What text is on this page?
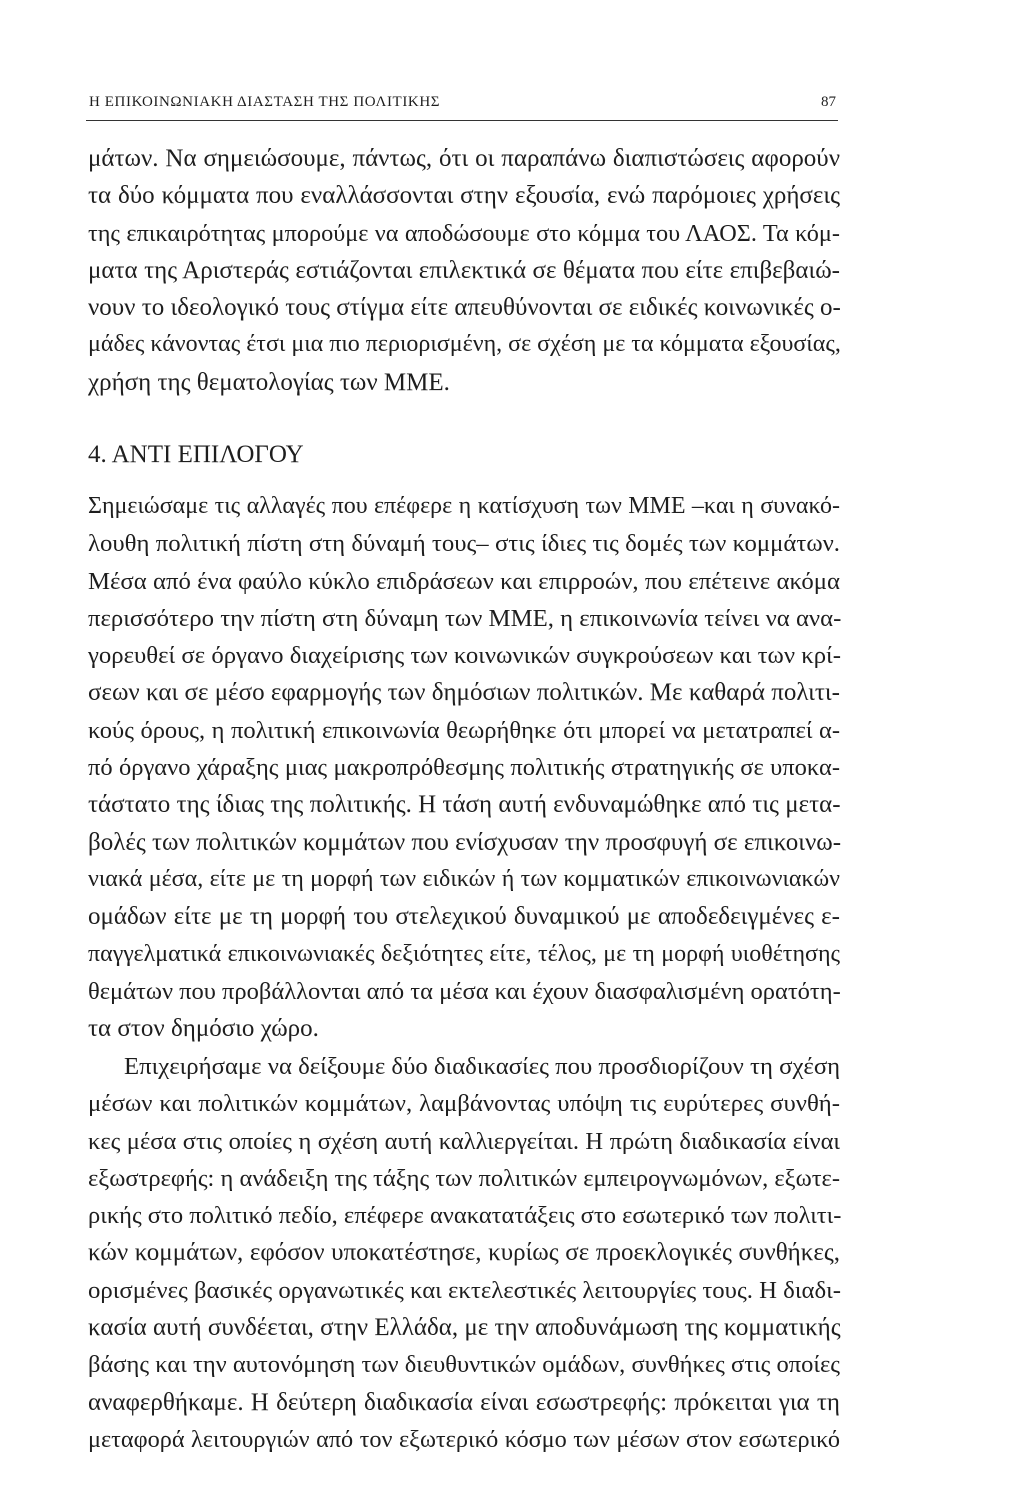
Η ΕΠΙΚΟΙΝΩΝΙΑΚΗ ΔΙΑΣΤΑΣΗ ΤΗΣ ΠΟΛΙΤΙΚΗΣ	87
μάτων. Να σημειώσουμε, πάντως, ότι οι παραπάνω διαπιστώσεις αφορούν
τα δύο κόμματα που εναλλάσσονται στην εξουσία, ενώ παρόμοιες χρήσεις
της επικαιρότητας μπορούμε να αποδώσουμε στο κόμμα του ΛΑΟΣ. Τα κόμ-
ματα της Αριστεράς εστιάζονται επιλεκτικά σε θέματα που είτε επιβεβαιώ-
νουν το ιδεολογικό τους στίγμα είτε απευθύνονται σε ειδικές κοινωνικές ο-
μάδες κάνοντας έτσι μια πιο περιορισμένη, σε σχέση με τα κόμματα εξουσίας,
χρήση της θεματολογίας των ΜΜΕ.
4. ΑΝΤΙ ΕΠΙΛΟΓΟΥ
Σημειώσαμε τις αλλαγές που επέφερε η κατίσχυση των ΜΜΕ –και η συνακό-
λουθη πολιτική πίστη στη δύναμή τους– στις ίδιες τις δομές των κομμάτων.
Μέσα από ένα φαύλο κύκλο επιδράσεων και επιρροών, που επέτεινε ακόμα
περισσότερο την πίστη στη δύναμη των ΜΜΕ, η επικοινωνία τείνει να ανα-
γορευθεί σε όργανο διαχείρισης των κοινωνικών συγκρούσεων και των κρί-
σεων και σε μέσο εφαρμογής των δημόσιων πολιτικών. Με καθαρά πολιτι-
κούς όρους, η πολιτική επικοινωνία θεωρήθηκε ότι μπορεί να μετατραπεί α-
πό όργανο χάραξης μιας μακροπρόθεσμης πολιτικής στρατηγικής σε υποκα-
τάστατο της ίδιας της πολιτικής. Η τάση αυτή ενδυναμώθηκε από τις μετα-
βολές των πολιτικών κομμάτων που ενίσχυσαν την προσφυγή σε επικοινω-
νιακά μέσα, είτε με τη μορφή των ειδικών ή των κομματικών επικοινωνιακών
ομάδων είτε με τη μορφή του στελεχικού δυναμικού με αποδεδειγμένες ε-
παγγελματικά επικοινωνιακές δεξιότητες είτε, τέλος, με τη μορφή υιοθέτησης
θεμάτων που προβάλλονται από τα μέσα και έχουν διασφαλισμένη ορατότη-
τα στον δημόσιο χώρο.
Επιχειρήσαμε να δείξουμε δύο διαδικασίες που προσδιορίζουν τη σχέση
μέσων και πολιτικών κομμάτων, λαμβάνοντας υπόψη τις ευρύτερες συνθή-
κες μέσα στις οποίες η σχέση αυτή καλλιεργείται. Η πρώτη διαδικασία είναι
εξωστρεφής: η ανάδειξη της τάξης των πολιτικών εμπειρογνωμόνων, εξωτε-
ρικής στο πολιτικό πεδίο, επέφερε ανακατατάξεις στο εσωτερικό των πολιτι-
κών κομμάτων, εφόσον υποκατέστησε, κυρίως σε προεκλογικές συνθήκες,
ορισμένες βασικές οργανωτικές και εκτελεστικές λειτουργίες τους. Η διαδι-
κασία αυτή συνδέεται, στην Ελλάδα, με την αποδυνάμωση της κομματικής
βάσης και την αυτονόμηση των διευθυντικών ομάδων, συνθήκες στις οποίες
αναφερθήκαμε. Η δεύτερη διαδικασία είναι εσωστρεφής: πρόκειται για τη
μεταφορά λειτουργιών από τον εξωτερικό κόσμο των μέσων στον εσωτερικό
